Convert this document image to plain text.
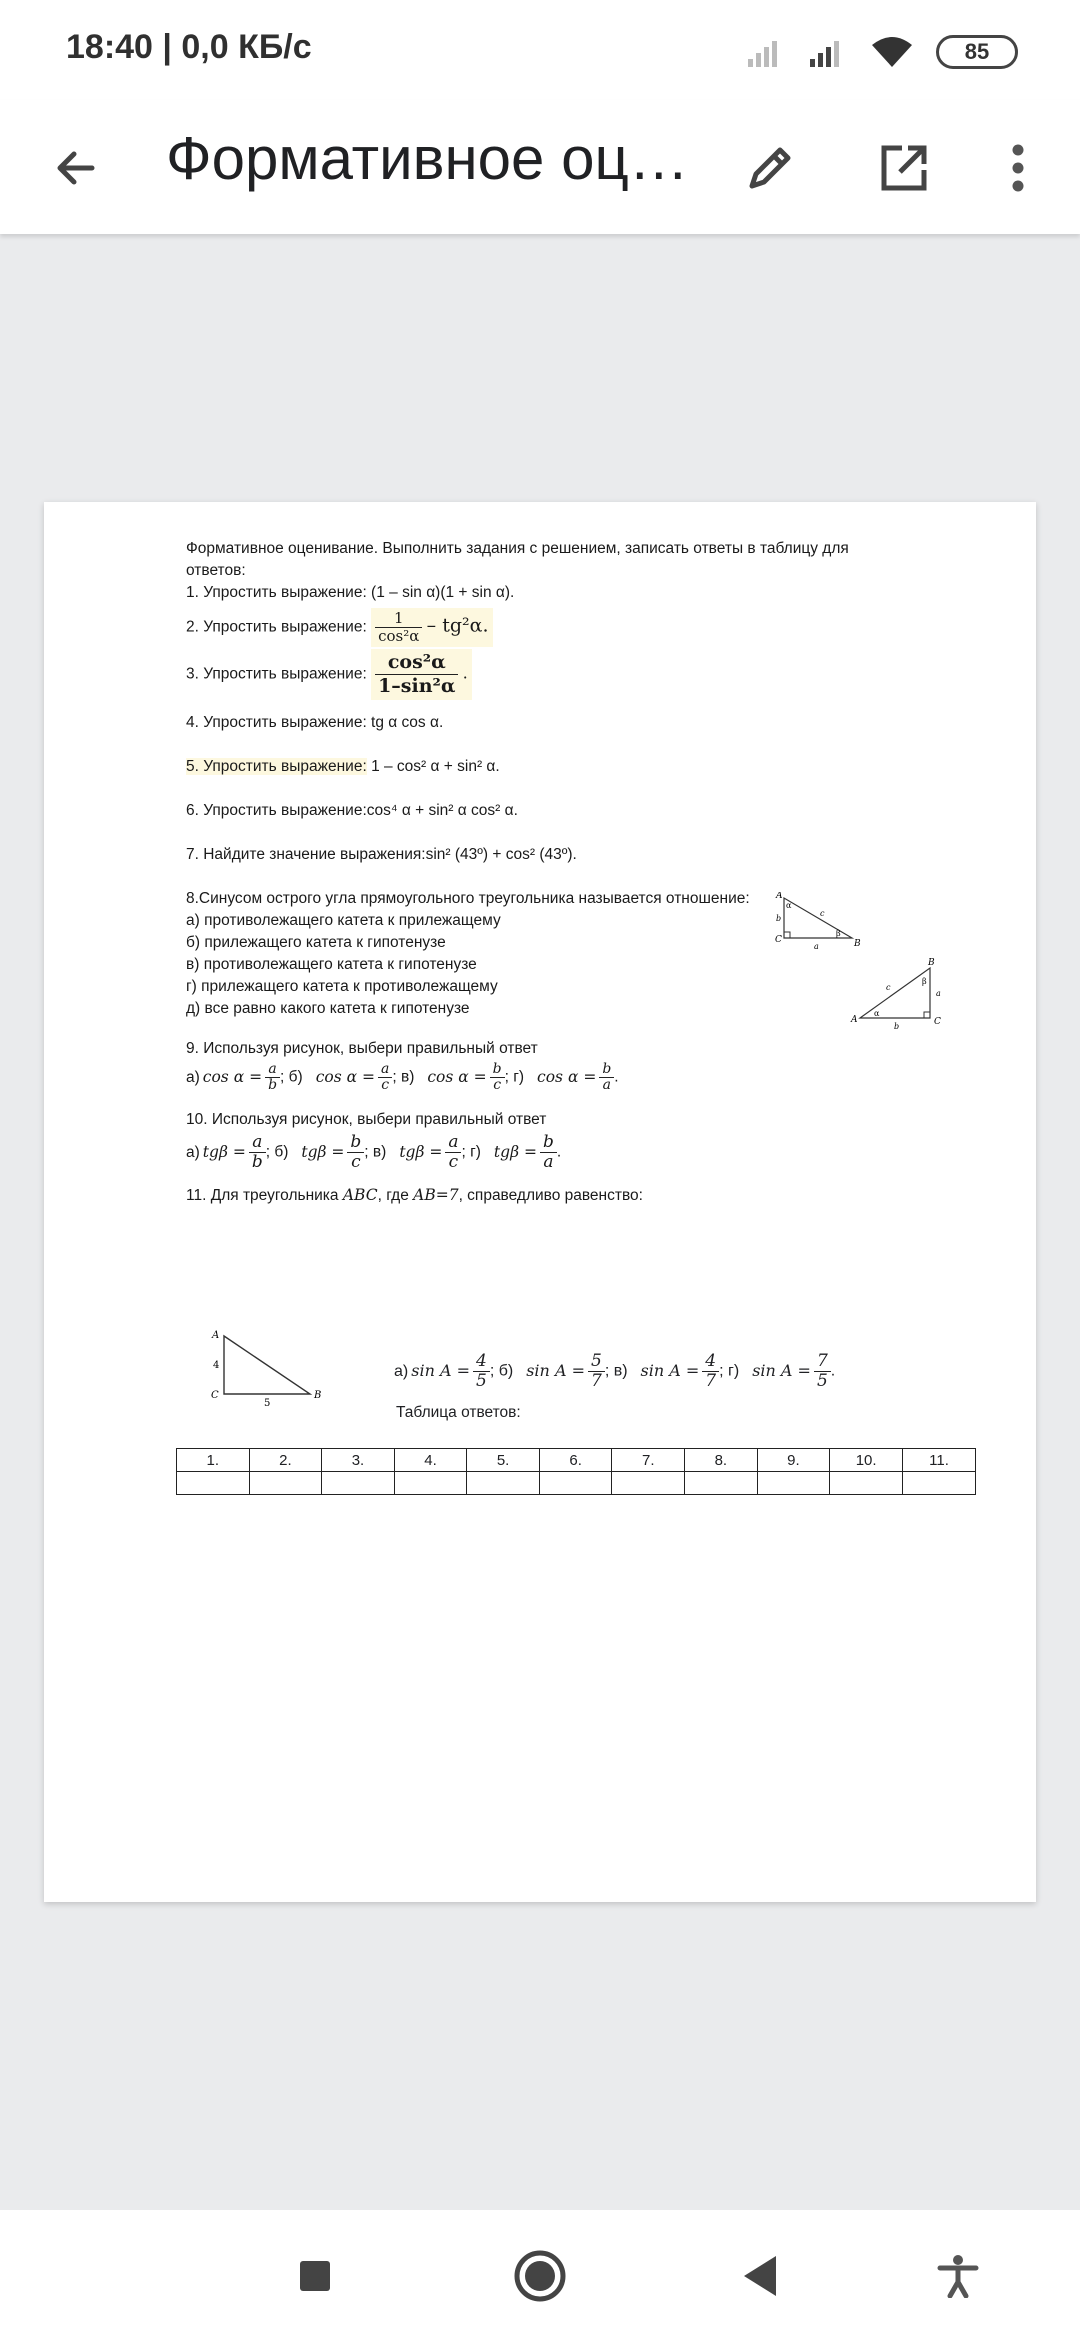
18:40 | 0,0 КБ/с	85
Формативное оц…
Формативное оценивание. Выполнить задания с решением, записать ответы в таблицу для
ответов:
1. Упростить выражение: (1 – sin α)(1 + sin α).
2. Упростить выражение: $\frac{1}{\text{cos²α}} - tg^2\alpha$.
3. Упростить выражение: $\frac{\text{cos²α}}{\text{1–sin²α}}$ .
4. Упростить выражение: tg α cos α.
5. Упростить выражение: 1 – cos² α + sin² α.
6. Упростить выражение:cos⁴ α + sin² α cos² α.
7. Найдите значение выражения:sin² (43º) + cos² (43º).
8.Синусом острого угла прямоугольного треугольника называется отношение:
а) противолежащего катета к прилежащему
б) прилежащего катета к гипотенузе
в) противолежащего катета к гипотенузе
г) прилежащего катета к противолежащему
д) все равно какого катета к гипотенузе
9. Используя рисунок, выбери правильный ответ
а) $\cos \alpha = \frac{a}{b}$ ; б) $\cos \alpha = \frac{a}{c}$ ; в) $\cos \alpha = \frac{b}{c}$ ; г) $\cos \alpha = \frac{b}{a}$ .
10. Используя рисунок, выбери правильный ответ
а) $tg\beta = \frac{a}{b}$ ; б) $tg\beta = \frac{b}{c}$ ; в) $tg\beta = \frac{a}{c}$ ; г) $tg\beta = \frac{b}{a}$ .
11. Для треугольника ABC, где AB=7, справедливо равенство:
A
B
C
a
b
c
α
β
A
B
C
a
b
c
α
β
A
B
C
4
5
а) $\sin A = \frac{4}{5}$ ; б) $\sin A = \frac{5}{7}$ ; в) $\sin A = \frac{4}{7}$ ; г) $\sin A = \frac{7}{5}$ .
Таблица ответов:
1.	2.	3.	4.	5.	6.	7.	8.	9.	10.	11.
